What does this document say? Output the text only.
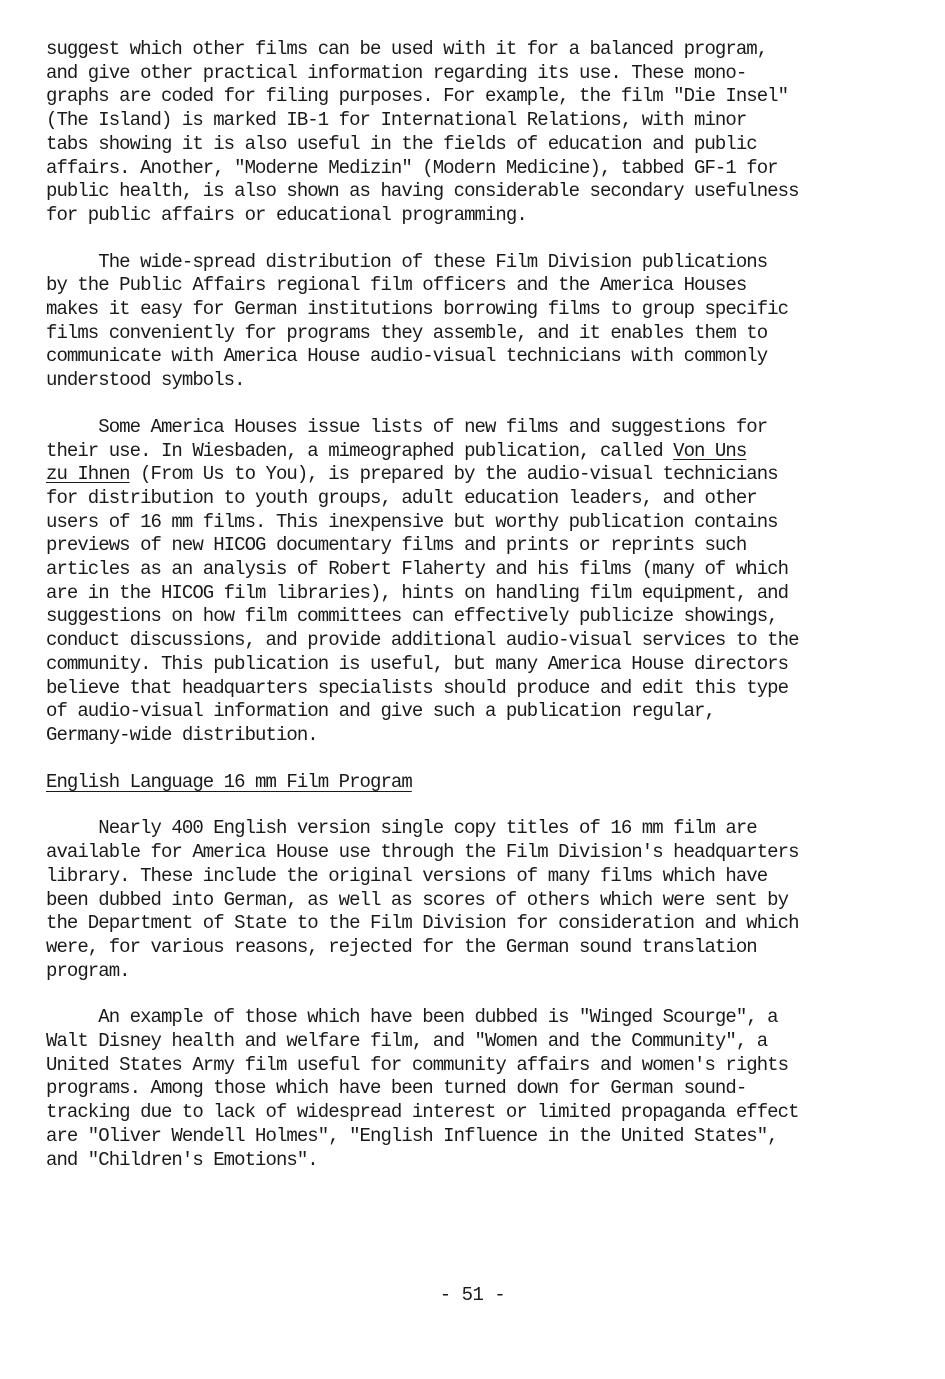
suggest which other films can be used with it for a balanced program,

and give other practical information regarding its use. These mono-

graphs are coded for filing purposes. For example, the film "Die Insel"

(The Island) is marked IB-1 for International Relations, with minor

tabs showing it is also useful in the fields of education and public

affairs. Another, "Moderne Medizin" (Modern Medicine), tabbed GF-1 for

public health, is also shown as having considerable secondary usefulness

for public affairs or educational programming.

The wide-spread distribution of these Film Division publications

by the Public Affairs regional film officers and the America Houses

makes it easy for German institutions borrowing films to group specific

films conveniently for programs they assemble, and it enables them to

communicate with America House audio-visual technicians with commonly

understood symbols.

Some America Houses issue lists of new films and suggestions for

their use. In Wiesbaden, a mimeographed publication, called Von Uns

zu Ihnen (From Us to You), is prepared by the audio-visual technicians

for distribution to youth groups, adult education leaders, and other

users of 16 mm films. This inexpensive but worthy publication contains

previews of new HICOG documentary films and prints or reprints such

articles as an analysis of Robert Flaherty and his films (many of which

are in the HICOG film libraries), hints on handling film equipment, and

suggestions on how film committees can effectively publicize showings,

conduct discussions, and provide additional audio-visual services to the

community. This publication is useful, but many America House directors

believe that headquarters specialists should produce and edit this type

of audio-visual information and give such a publication regular,

Germany-wide distribution.

English Language 16 mm Film Program

Nearly 400 English version single copy titles of 16 mm film are

available for America House use through the Film Division's headquarters

library. These include the original versions of many films which have

been dubbed into German, as well as scores of others which were sent by

the Department of State to the Film Division for consideration and which

were, for various reasons, rejected for the German sound translation

program.

An example of those which have been dubbed is "Winged Scourge", a

Walt Disney health and welfare film, and "Women and the Community", a

United States Army film useful for community affairs and women's rights

programs. Among those which have been turned down for German sound-

tracking due to lack of widespread interest or limited propaganda effect

are "Oliver Wendell Holmes", "English Influence in the United States",

and "Children's Emotions".

- 51 -
